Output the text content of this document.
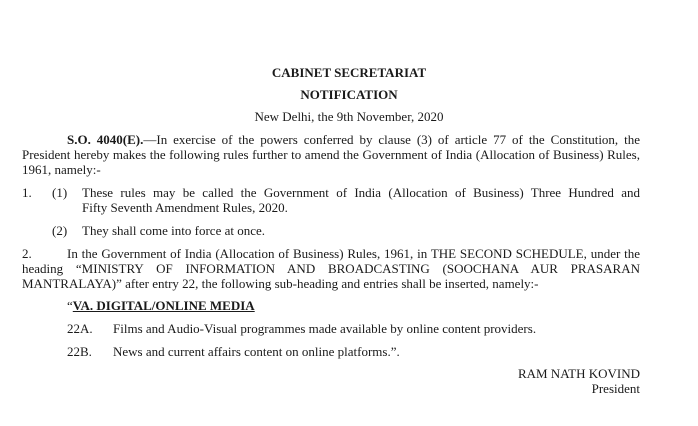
CABINET SECRETARIAT
NOTIFICATION
New Delhi, the 9th November, 2020
S.O. 4040(E).—In exercise of the powers conferred by clause (3) of article 77 of the Constitution, the
President hereby makes the following rules further to amend the Government of India (Allocation of Business) Rules,
1961, namely:-
1. (1) These rules may be called the Government of India (Allocation of Business) Three Hundred and
Fifty Seventh Amendment Rules, 2020.
(2) They shall come into force at once.
2.	In the Government of India (Allocation of Business) Rules, 1961, in THE SECOND SCHEDULE, under the
heading “MINISTRY OF INFORMATION AND BROADCASTING (SOOCHANA AUR PRASARAN
MANTRALAYA)” after entry 22, the following sub-heading and entries shall be inserted, namely:-
“VA. DIGITAL/ONLINE MEDIA
22A. Films and Audio-Visual programmes made available by online content providers.
22B. News and current affairs content on online platforms.”.
RAM NATH KOVIND
President
